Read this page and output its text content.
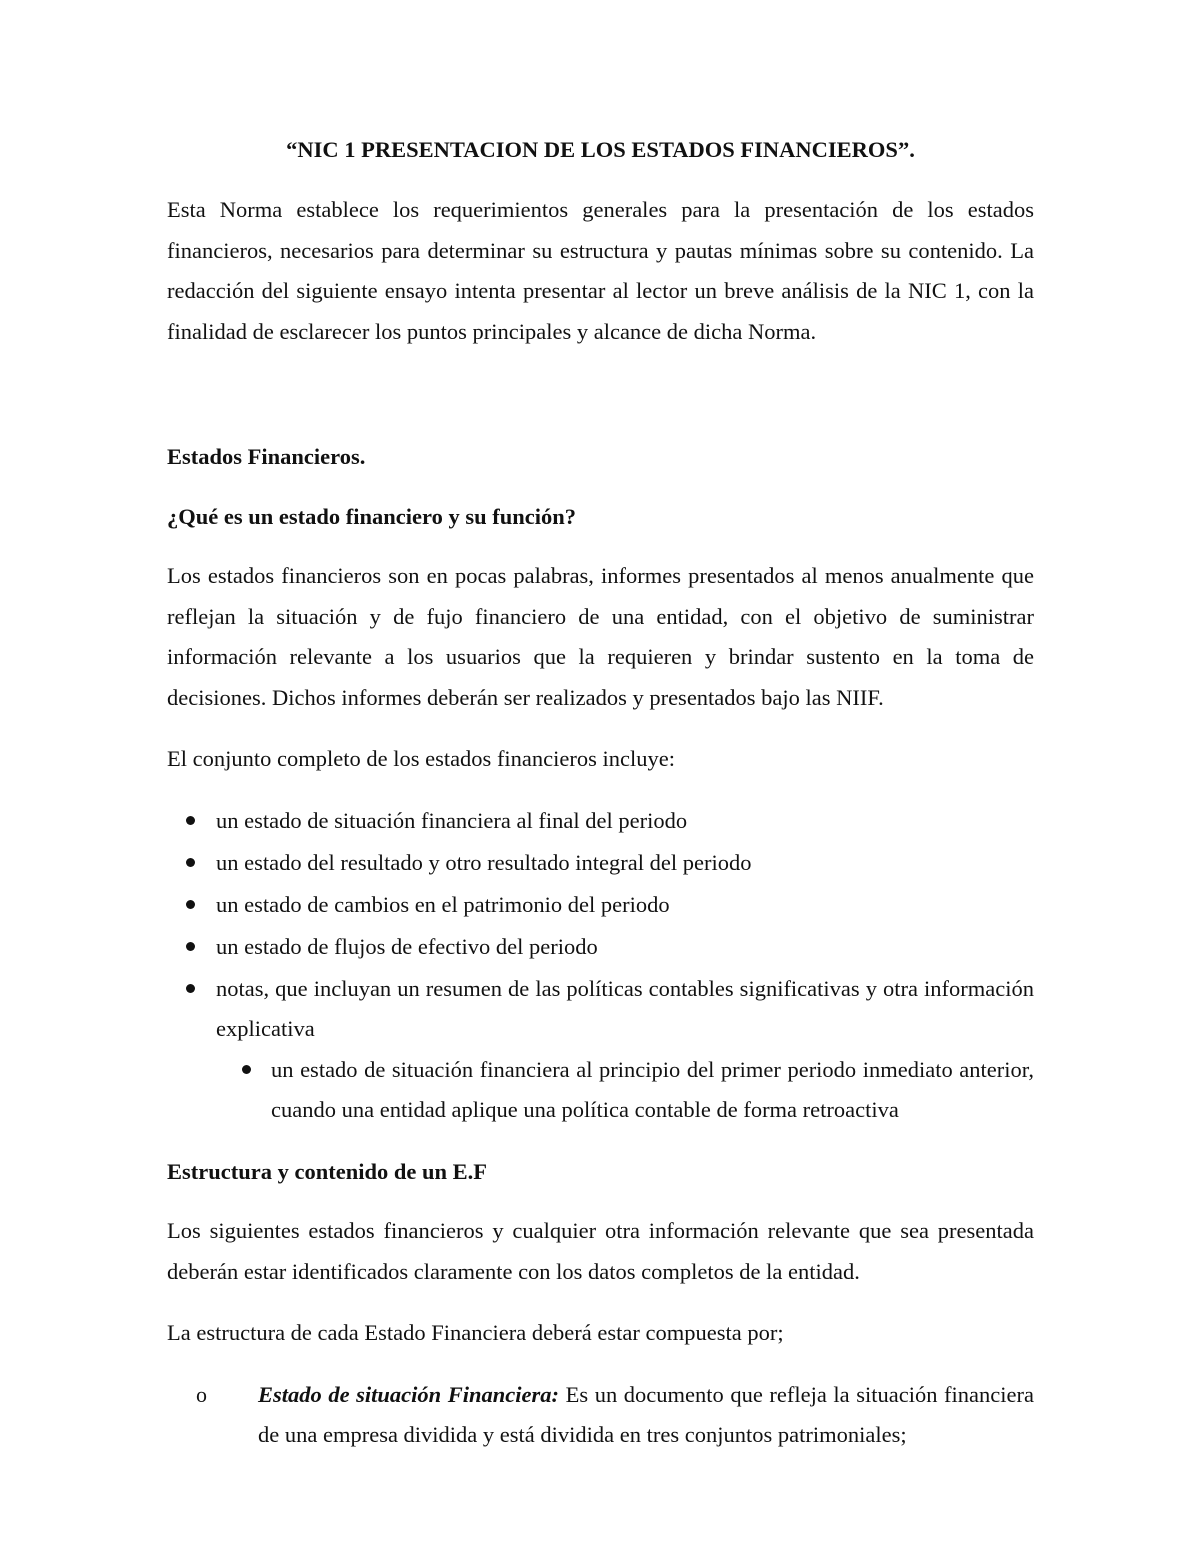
“NIC 1 PRESENTACION DE LOS ESTADOS FINANCIEROS”.

Esta Norma establece los requerimientos generales para la presentación de los estados financieros, necesarios para determinar su estructura y pautas mínimas sobre su contenido. La redacción del siguiente ensayo intenta presentar al lector un breve análisis de la NIC 1, con la finalidad de esclarecer los puntos principales y alcance de dicha Norma.

Estados Financieros.

¿Qué es un estado financiero y su función?

Los estados financieros son en pocas palabras, informes presentados al menos anualmente que reflejan la situación y de fujo financiero de una entidad, con el objetivo de suministrar información relevante a los usuarios que la requieren y brindar sustento en la toma de decisiones. Dichos informes deberán ser realizados y presentados bajo las NIIF.

El conjunto completo de los estados financieros incluye:

un estado de situación financiera al final del periodo
un estado del resultado y otro resultado integral del periodo
un estado de cambios en el patrimonio del periodo
un estado de flujos de efectivo del periodo
notas, que incluyan un resumen de las políticas contables significativas y otra información explicativa
un estado de situación financiera al principio del primer periodo inmediato anterior, cuando una entidad aplique una política contable de forma retroactiva

Estructura y contenido de un E.F

Los siguientes estados financieros y cualquier otra información relevante que sea presentada deberán estar identificados claramente con los datos completos de la entidad.

La estructura de cada Estado Financiera deberá estar compuesta por;

o Estado de situación Financiera: Es un documento que refleja la situación financiera de una empresa dividida y está dividida en tres conjuntos patrimoniales;
